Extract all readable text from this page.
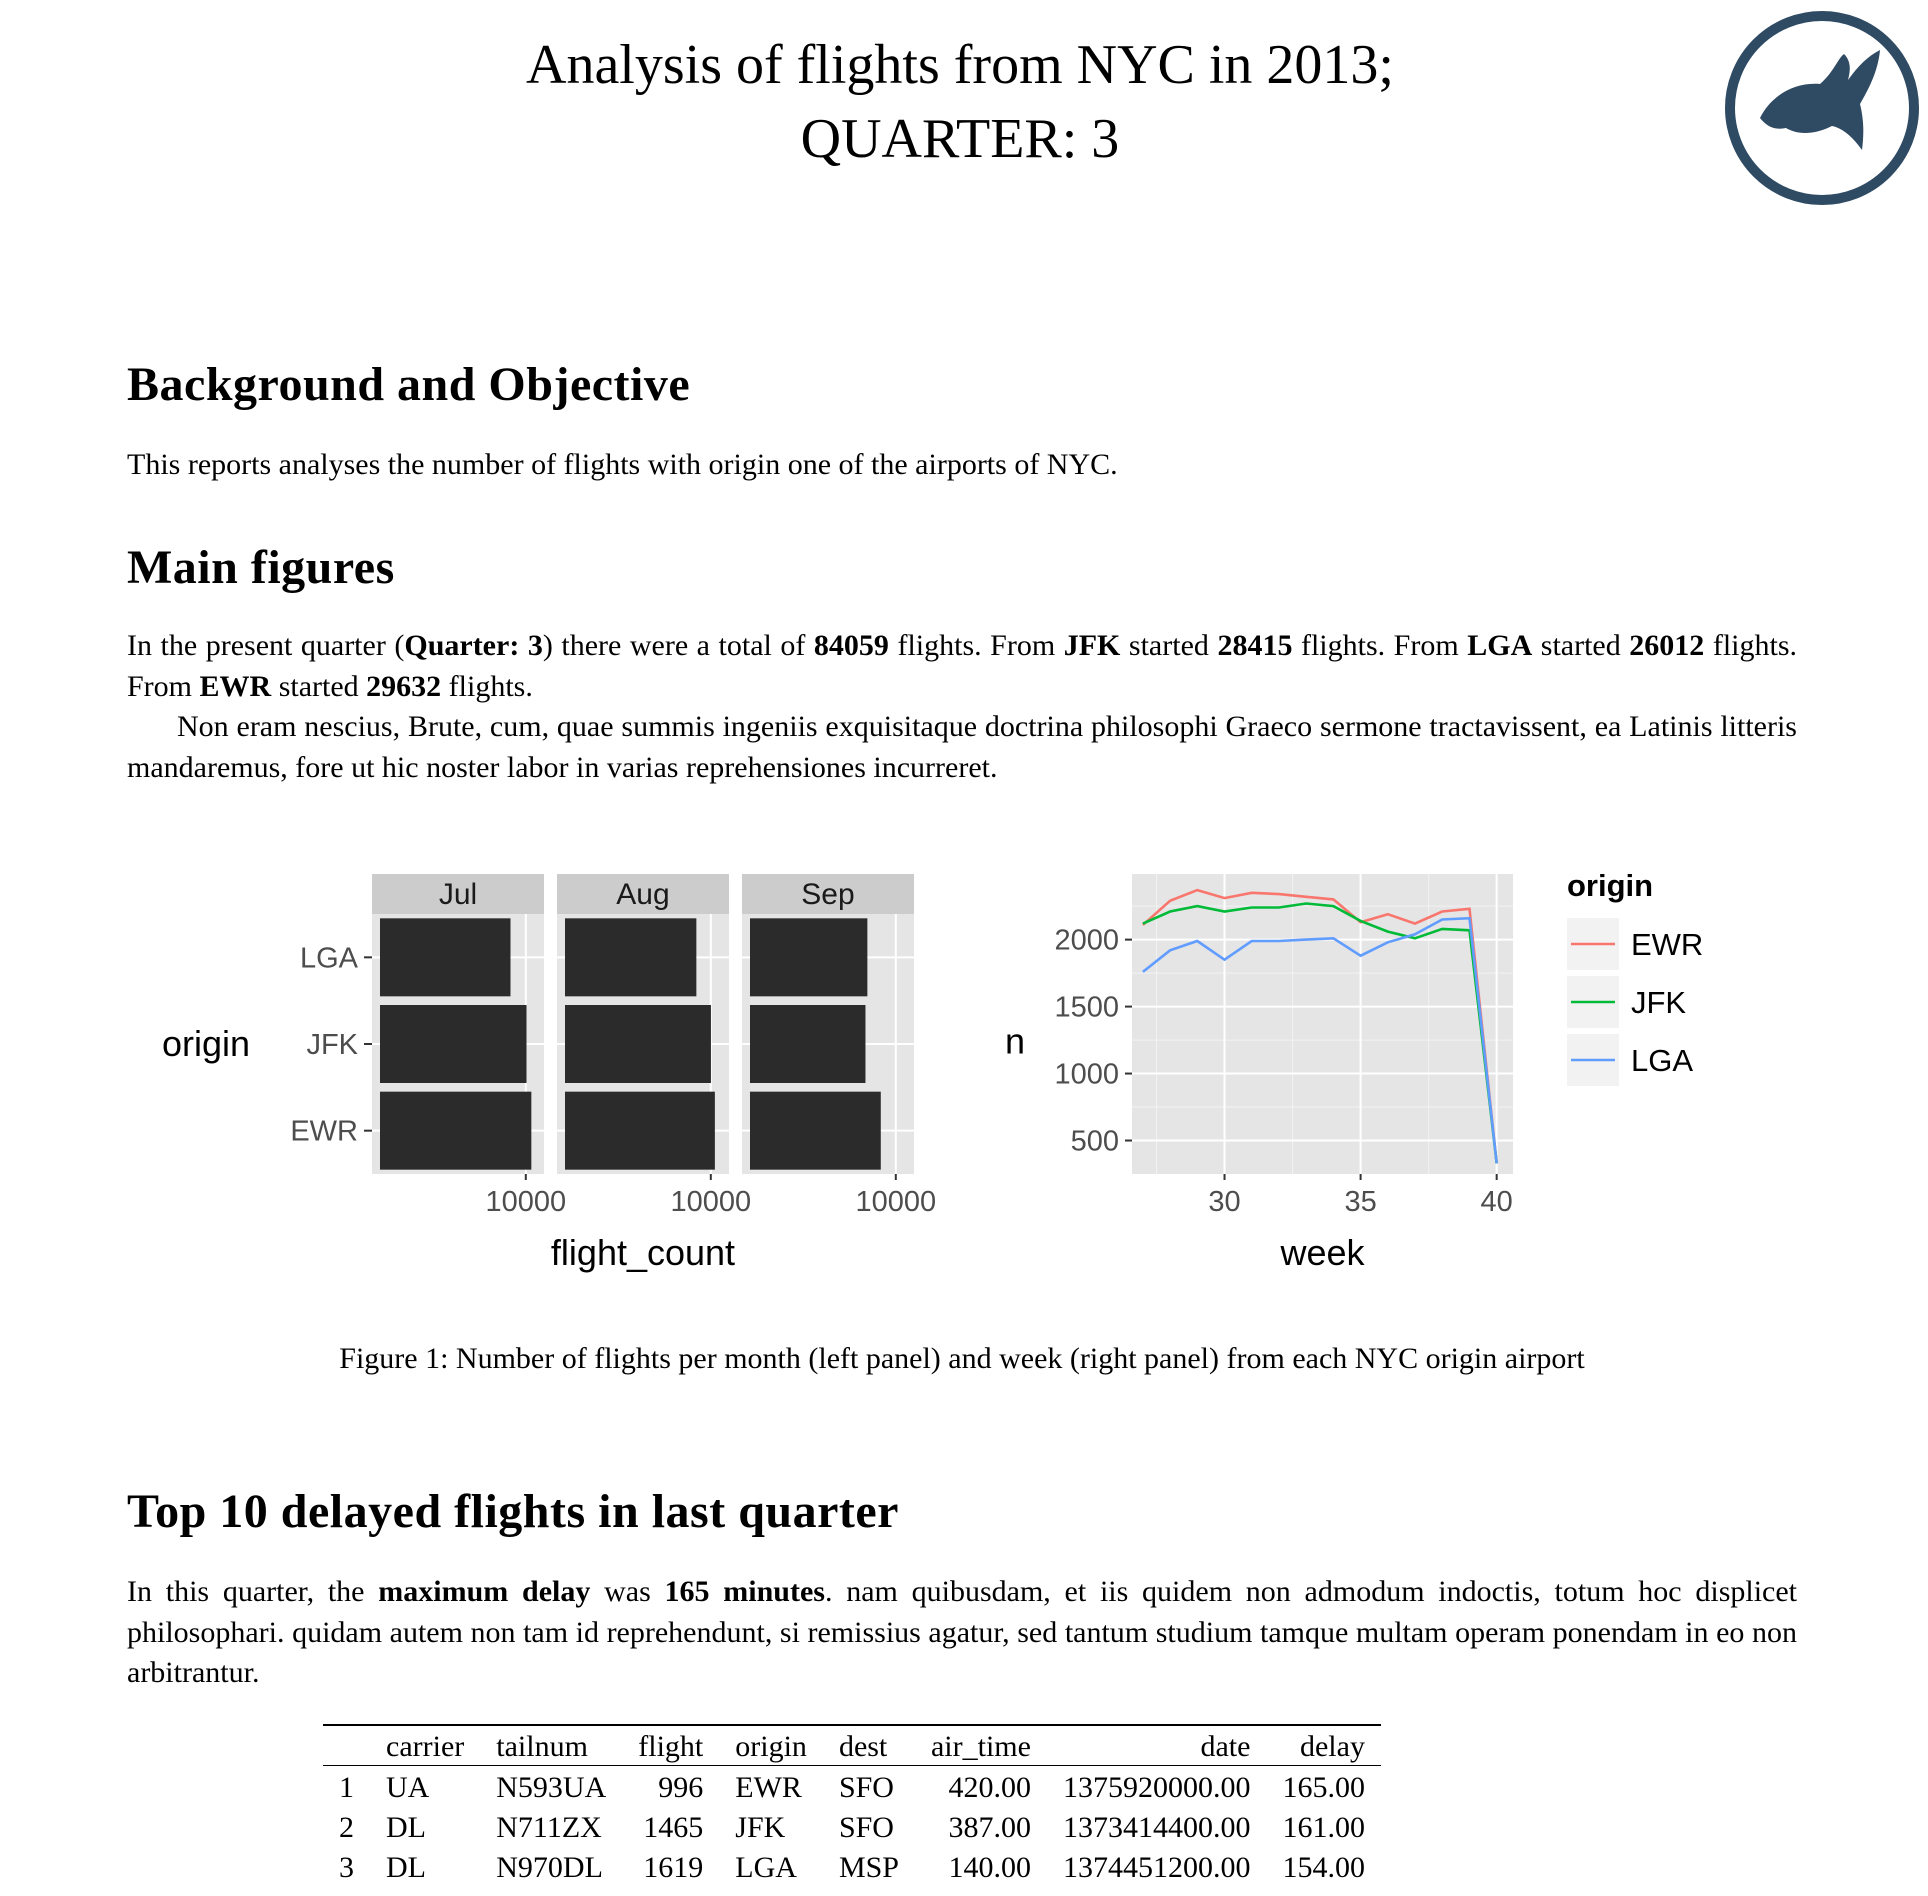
Analysis of flights from NYC in 2013;
QUARTER: 3
Background and Objective

This reports analyses the number of flights with origin one of the airports of NYC.

Main figures

In the present quarter (Quarter: 3) there were a total of 84059 flights. From JFK started 28415 flights. From LGA started 26012 flights. From EWR started 29632 flights.
Non eram nescius, Brute, cum, quae summis ingeniis exquisitaque doctrina philosophi Graeco sermone tractavissent, ea Latinis litteris mandaremus, fore ut hic noster labor in varias reprehensiones incurreret.

Jul
10000
Aug
10000
Sep
10000
LGA
JFK
EWR
flight_count
origin
30	35	40
500
1000
1500
2000
week
n
origin
EWR
JFK
LGA
Figure 1: Number of flights per month (left panel) and week (right panel) from each NYC origin airport
Top 10 delayed flights in last quarter

In this quarter, the maximum delay was 165 minutes. nam quibusdam, et iis quidem non admodum indoctis, totum hoc displicet philosophari. quidam autem non tam id reprehendunt, si remissius agatur, sed tantum studium tamque multam operam ponendam in eo non arbitrantur.

	carrier	tailnum	flight	origin	dest	air_time	date	delay
1	UA	N593UA	996	EWR	SFO	420.00	1375920000.00	165.00
2	DL	N711ZX	1465	JFK	SFO	387.00	1373414400.00	161.00
3	DL	N970DL	1619	LGA	MSP	140.00	1374451200.00	154.00
